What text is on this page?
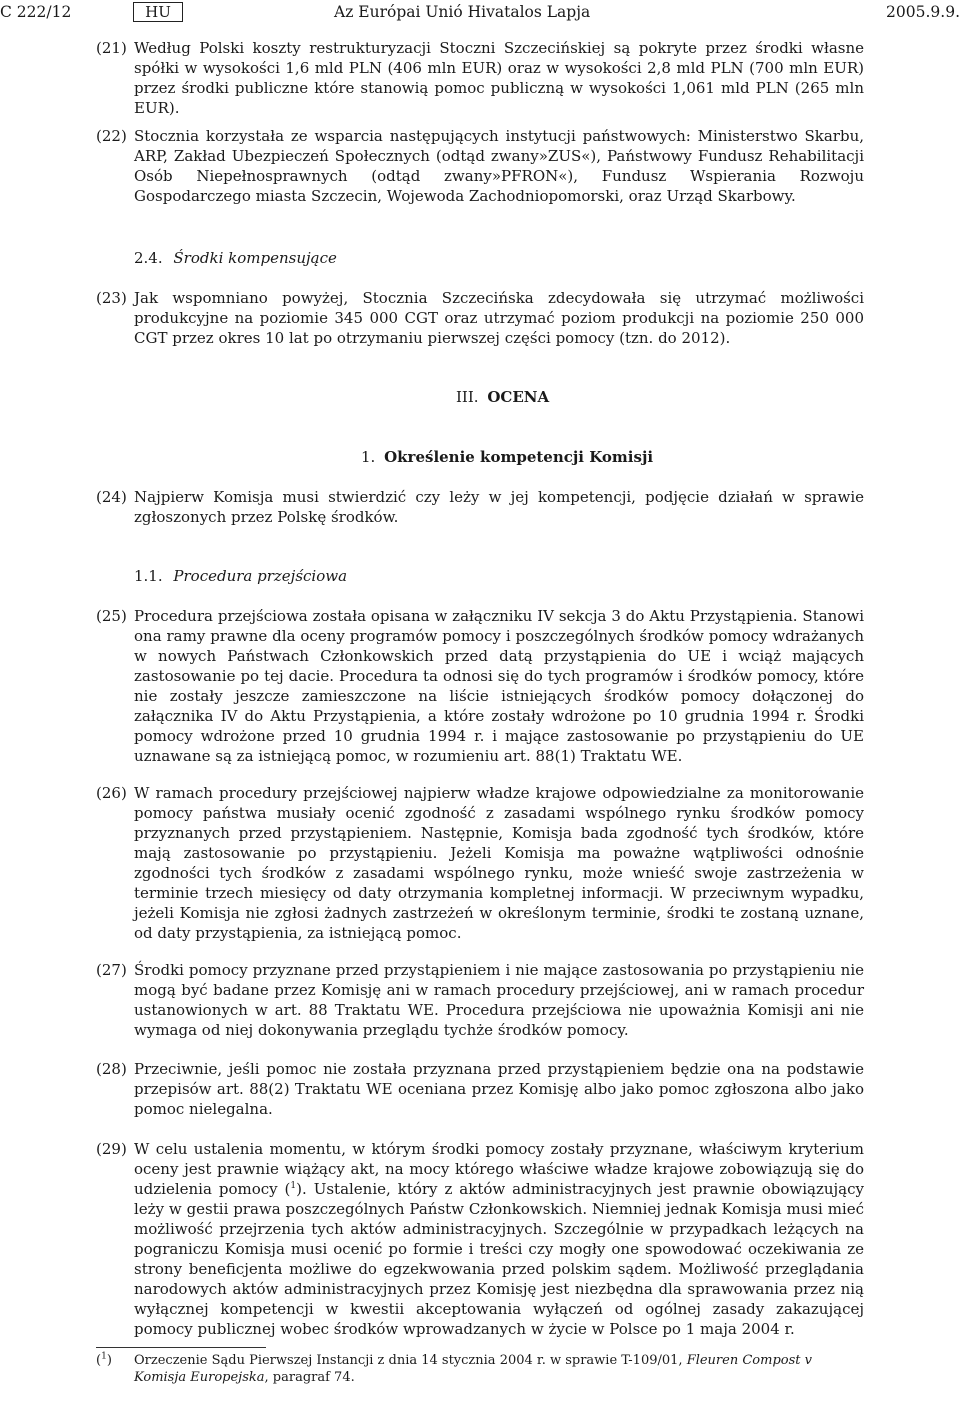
C 222/12	HU	Az Európai Unió Hivatalos Lapja	2005.9.9.
(21) Według Polski koszty restrukturyzacji Stoczni Szczecińskiej są pokryte przez środki własne spółki w wysokości 1,6 mld PLN (406 mln EUR) oraz w wysokości 2,8 mld PLN (700 mln EUR) przez środki publiczne które stanowią pomoc publiczną w wysokości 1,061 mld PLN (265 mln EUR).
(22) Stocznia korzystała ze wsparcia następujących instytucji państwowych: Ministerstwo Skarbu, ARP, Zakład Ubezpieczeń Społecznych (odtąd zwany»ZUS«), Państwowy Fundusz Rehabilitacji Osób Niepełnosprawnych (odtąd zwany»PFRON«), Fundusz Wspierania Rozwoju Gospodarczego miasta Szczecin, Wojewoda Zachodniopomorski, oraz Urząd Skarbowy.
2.4. Środki kompensujące
(23) Jak wspomniano powyżej, Stocznia Szczecińska zdecydowała się utrzymać możliwości produkcyjne na poziomie 345 000 CGT oraz utrzymać poziom produkcji na poziomie 250 000 CGT przez okres 10 lat po otrzymaniu pierwszej części pomocy (tzn. do 2012).
III. OCENA
1. Określenie kompetencji Komisji
(24) Najpierw Komisja musi stwierdzić czy leży w jej kompetencji, podjęcie działań w sprawie zgłoszonych przez Polskę środków.
1.1. Procedura przejściowa
(25) Procedura przejściowa została opisana w załączniku IV sekcja 3 do Aktu Przystąpienia. Stanowi ona ramy prawne dla oceny programów pomocy i poszczególnych środków pomocy wdrażanych w nowych Państwach Członkowskich przed datą przystąpienia do UE i wciąż mających zastosowanie po tej dacie. Procedura ta odnosi się do tych programów i środków pomocy, które nie zostały jeszcze zamieszczone na liście istniejących środków pomocy dołączonej do załącznika IV do Aktu Przystąpienia, a które zostały wdrożone po 10 grudnia 1994 r. Środki pomocy wdrożone przed 10 grudnia 1994 r. i mające zastosowanie po przystąpieniu do UE uznawane są za istniejącą pomoc, w rozumieniu art. 88(1) Traktatu WE.
(26) W ramach procedury przejściowej najpierw władze krajowe odpowiedzialne za monitorowanie pomocy państwa musiały ocenić zgodność z zasadami wspólnego rynku środków pomocy przyznanych przed przystąpieniem. Następnie, Komisja bada zgodność tych środków, które mają zastosowanie po przystąpieniu. Jeżeli Komisja ma poważne wątpliwości odnośnie zgodności tych środków z zasadami wspólnego rynku, może wnieść swoje zastrzeżenia w terminie trzech miesięcy od daty otrzymania kompletnej informacji. W przeciwnym wypadku, jeżeli Komisja nie zgłosi żadnych zastrzeżeń w określonym terminie, środki te zostaną uznane, od daty przystąpienia, za istniejącą pomoc.
(27) Środki pomocy przyznane przed przystąpieniem i nie mające zastosowania po przystąpieniu nie mogą być badane przez Komisję ani w ramach procedury przejściowej, ani w ramach procedur ustanowionych w art. 88 Traktatu WE. Procedura przejściowa nie upoważnia Komisji ani nie wymaga od niej dokonywania przeglądu tychże środków pomocy.
(28) Przeciwnie, jeśli pomoc nie została przyznana przed przystąpieniem będzie ona na podstawie przepisów art. 88(2) Traktatu WE oceniana przez Komisję albo jako pomoc zgłoszona albo jako pomoc nielegalna.
(29) W celu ustalenia momentu, w którym środki pomocy zostały przyznane, właściwym kryterium oceny jest prawnie wiążący akt, na mocy którego właściwe władze krajowe zobowiązują się do udzielenia pomocy ($^1$). Ustalenie, który z aktów administracyjnych jest prawnie obowiązujący leży w gestii prawa poszczególnych Państw Członkowskich. Niemniej jednak Komisja musi mieć możliwość przejrzenia tych aktów administracyjnych. Szczególnie w przypadkach leżących na pograniczu Komisja musi ocenić po formie i treści czy mogły one spowodować oczekiwania ze strony beneficjenta możliwe do egzekwowania przed polskim sądem. Możliwość przeglądania narodowych aktów administracyjnych przez Komisję jest niezbędna dla sprawowania przez nią wyłącznej kompetencji w kwestii akceptowania wyłączeń od ogólnej zasady zakazującej pomocy publicznej wobec środków wprowadzanych w życie w Polsce po 1 maja 2004 r.
($^1$) Orzeczenie Sądu Pierwszej Instancji z dnia 14 stycznia 2004 r. w sprawie T-109/01, Fleuren Compost v Komisja Europejska, paragraf 74.
